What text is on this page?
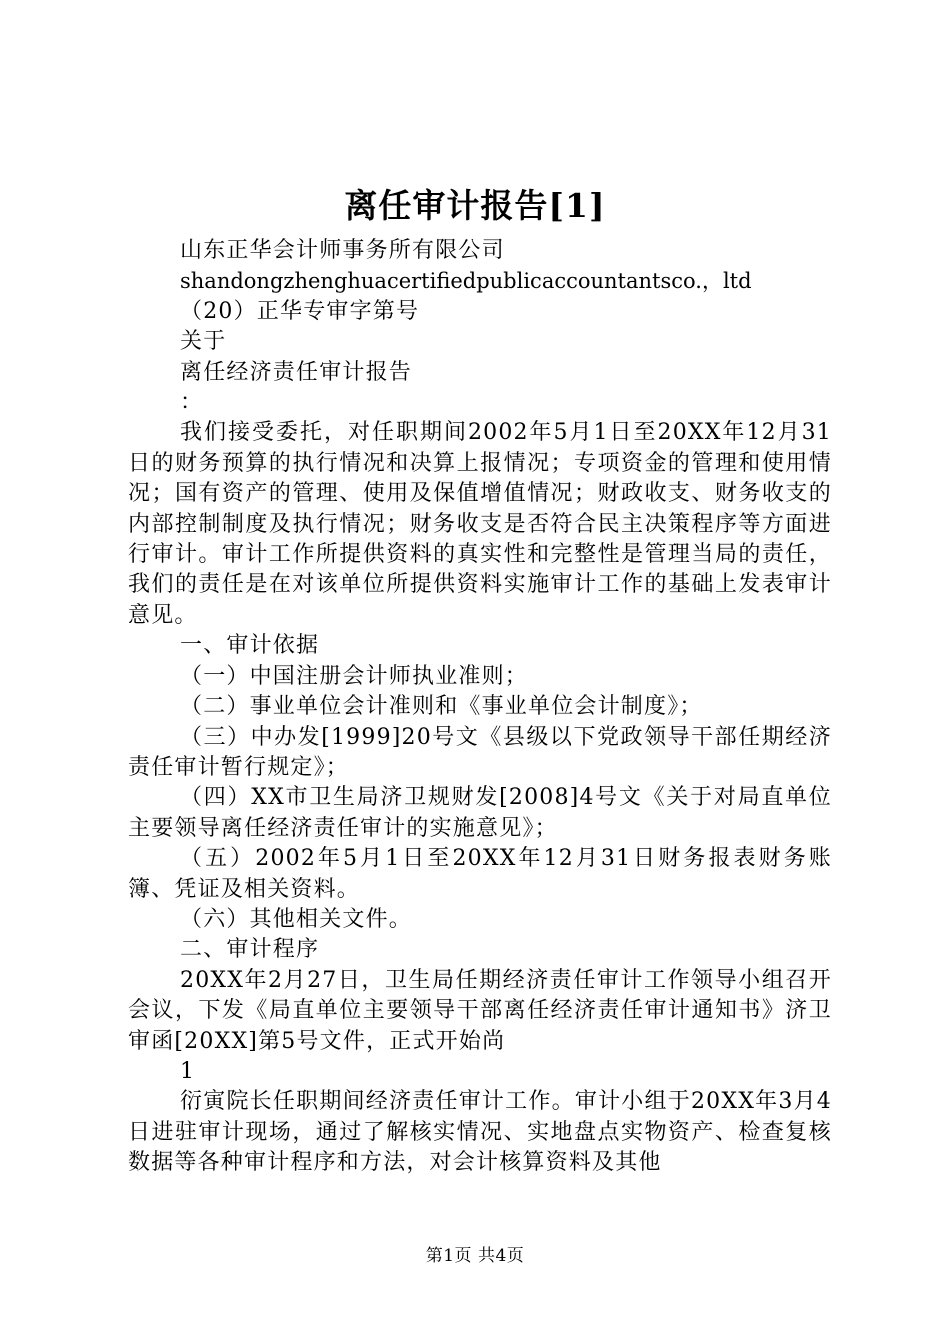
离任审计报告[1]
山东正华会计师事务所有限公司
shandongzhenghuacertifiedpublicaccountantsco.，ltd
（20）正华专审字第号
关于
离任经济责任审计报告
：

我们接受委托，对任职期间2002年5月1日至20XX年12月31日的财务预算的执行情况和决算上报情况；专项资金的管理和使用情况；国有资产的管理、使用及保值增值情况；财政收支、财务收支的内部控制制度及执行情况；财务收支是否符合民主决策程序等方面进行审计。审计工作所提供资料的真实性和完整性是管理当局的责任，我们的责任是在对该单位所提供资料实施审计工作的基础上发表审计意见。

一、审计依据

（一）中国注册会计师执业准则；

（二）事业单位会计准则和《事业单位会计制度》；

（三）中办发[1999]20号文《县级以下党政领导干部任期经济责任审计暂行规定》；

（四）XX市卫生局济卫规财发[2008]4号文《关于对局直单位主要领导离任经济责任审计的实施意见》；

（五）2002年5月1日至20XX年12月31日财务报表财务账簿、凭证及相关资料。

（六）其他相关文件。

二、审计程序

20XX年2月27日，卫生局任期经济责任审计工作领导小组召开会议，下发《局直单位主要领导干部离任经济责任审计通知书》济卫审函[20XX]第5号文件，正式开始尚

1

衍寅院长任职期间经济责任审计工作。审计小组于20XX年3月4日进驻审计现场，通过了解核实情况、实地盘点实物资产、检查复核数据等各种审计程序和方法，对会计核算资料及其他

第1页 共4页
